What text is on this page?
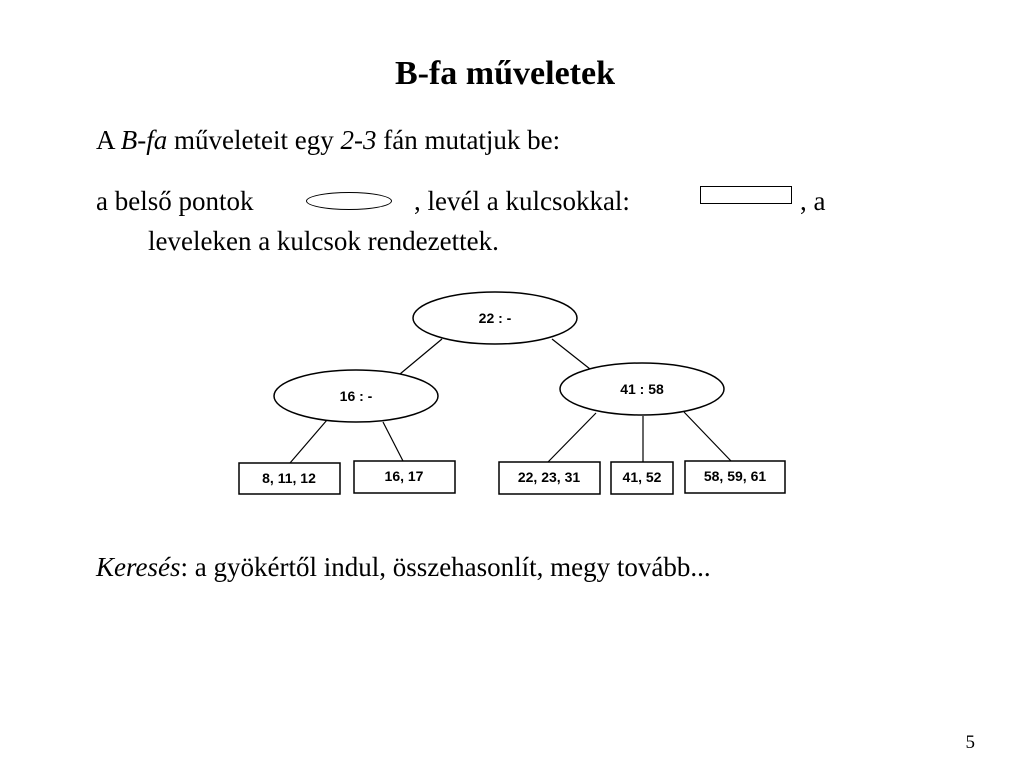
B-fa műveletek
A B-fa műveleteit egy 2-3 fán mutatjuk be:
a belső pontok	, levél a kulcsokkal:	, a
leveleken a kulcsok rendezettek.
22 : -
16 : -	41 : 58
8, 11, 12	16, 17	22, 23, 31	41, 52	58, 59, 61
Keresés: a gyökértől indul, összehasonlít, megy tovább...
5
